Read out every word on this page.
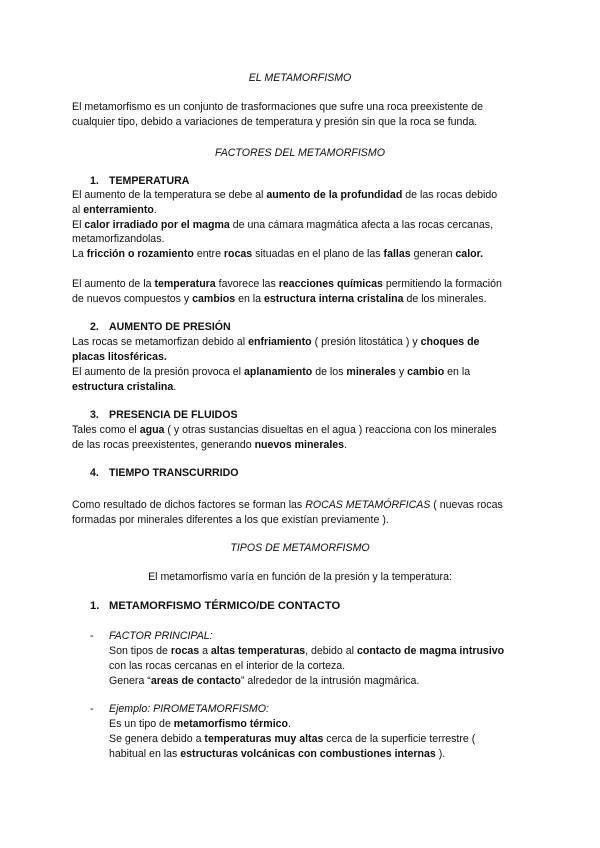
EL METAMORFISMO
El metamorfismo es un conjunto de trasformaciones que sufre una roca preexistente de
cualquier tipo, debido a variaciones de temperatura y presión sin que la roca se funda.
FACTORES DEL METAMORFISMO
1. TEMPERATURA
El aumento de la temperatura se debe al aumento de la profundidad de las rocas debido
al enterramiento.
El calor irradiado por el magma de una cámara magmática afecta a las rocas cercanas,
metamorfizandolas.
La fricción o rozamiento entre rocas situadas en el plano de las fallas generan calor.
El aumento de la temperatura favorece las reacciones químicas permitiendo la formación
de nuevos compuestos y cambios en la estructura interna cristalina de los minerales.
2. AUMENTO DE PRESIÓN
Las rocas se metamorfizan debido al enfriamiento ( presión litostática ) y choques de
placas litosféricas.
El aumento de la presión provoca el aplanamiento de los minerales y cambio en la
estructura cristalina.
3. PRESENCIA DE FLUIDOS
Tales como el agua ( y otras sustancias disueltas en el agua ) reacciona con los minerales
de las rocas preexistentes, generando nuevos minerales.
4. TIEMPO TRANSCURRIDO
Como resultado de dichos factores se forman las ROCAS METAMÓRFICAS ( nuevas rocas
formadas por minerales diferentes a los que existían previamente ).
TIPOS DE METAMORFISMO
El metamorfismo varía en función de la presión y la temperatura:
1. METAMORFISMO TÉRMICO/DE CONTACTO
- FACTOR PRINCIPAL:
Son tipos de rocas a altas temperaturas, debido al contacto de magma intrusivo
con las rocas cercanas en el interior de la corteza.
Genera “areas de contacto” alrededor de la intrusión magmárica.
- Ejemplo: PIROMETAMORFISMO:
Es un tipo de metamorfismo térmico.
Se genera debido a temperaturas muy altas cerca de la superficie terrestre (
habitual en las estructuras volcánicas con combustiones internas ).
